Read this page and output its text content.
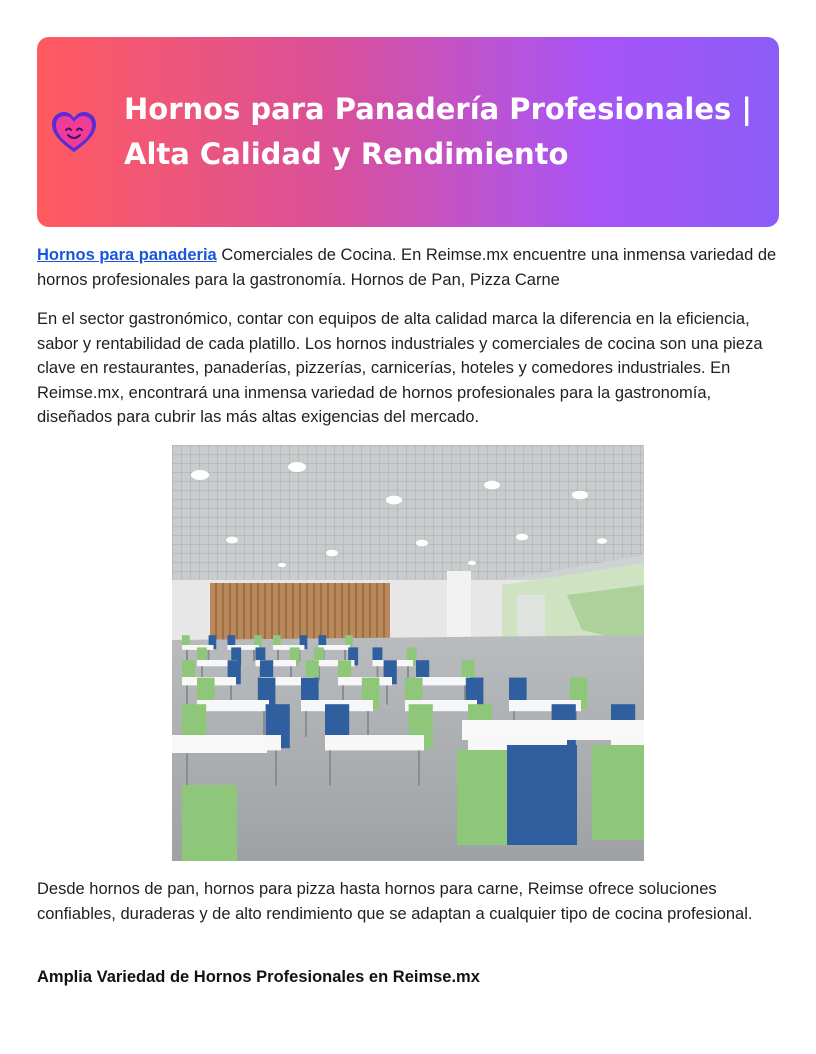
Hornos para Panadería Profesionales | Alta Calidad y Rendimiento

Hornos para panaderia Comerciales de Cocina. En Reimse.mx encuentre una inmensa variedad de hornos profesionales para la gastronomía. Hornos de Pan, Pizza Carne

En el sector gastronómico, contar con equipos de alta calidad marca la diferencia en la eficiencia, sabor y rentabilidad de cada platillo. Los hornos industriales y comerciales de cocina son una pieza clave en restaurantes, panaderías, pizzerías, carnicerías, hoteles y comedores industriales. En Reimse.mx, encontrará una inmensa variedad de hornos profesionales para la gastronomía, diseñados para cubrir las más altas exigencias del mercado.

Desde hornos de pan, hornos para pizza hasta hornos para carne, Reimse ofrece soluciones confiables, duraderas y de alto rendimiento que se adaptan a cualquier tipo de cocina profesional.

Amplia Variedad de Hornos Profesionales en Reimse.mx
